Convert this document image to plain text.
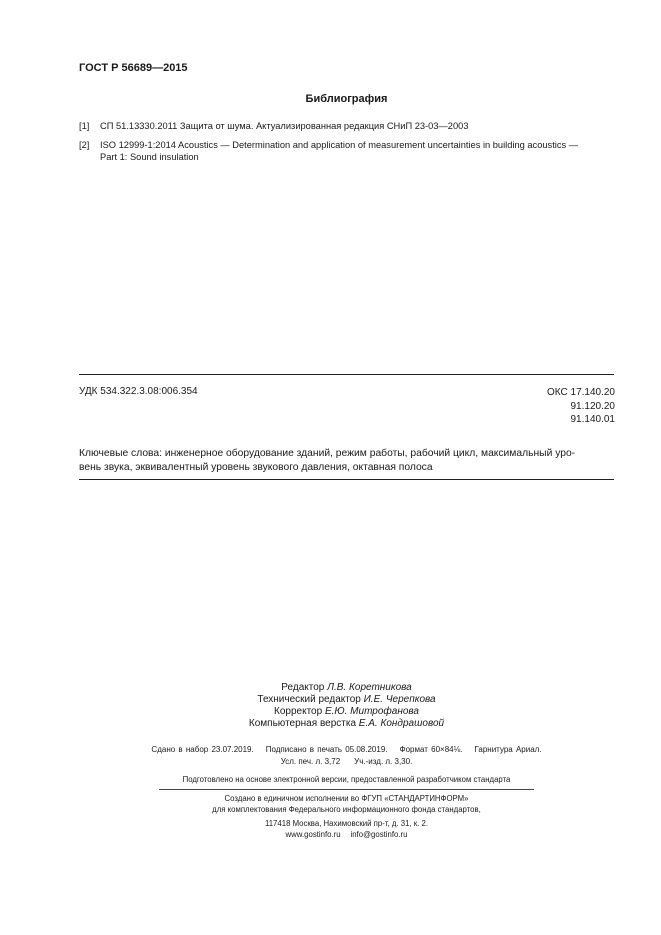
ГОСТ Р 56689—2015
Библиография
[1] СП 51.13330.2011 Защита от шума. Актуализированная редакция СНиП 23-03—2003
[2] ISO 12999-1:2014 Acoustics — Determination and application of measurement uncertainties in building acoustics —
Part 1: Sound insulation
УДК 534.322.3.08:006.354	ОКС 17.140.20
91.120.20
91.140.01
Ключевые слова: инженерное оборудование зданий, режим работы, рабочий цикл, максимальный уро-
вень звука, эквивалентный уровень звукового давления, октавная полоса
Редактор Л.В. Коретникова
Технический редактор И.Е. Черепкова
Корректор Е.Ю. Митрофанова
Компьютерная верстка Е.А. Кондрашовой
Сдано в набор 23.07.2019. Подписано в печать 05.08.2019. Формат 60×84⅛. Гарнитура Ариал.
Усл. печ. л. 3,72 Уч.-изд. л. 3,30.
Подготовлено на основе электронной версии, предоставленной разработчиком стандарта
Создано в единичном исполнении во ФГУП «СТАНДАРТИНФОРМ»
для комплектования Федерального информационного фонда стандартов,
117418 Москва, Нахимовский пр-т, д. 31, к. 2.
www.gostinfo.ru info@gostinfo.ru
